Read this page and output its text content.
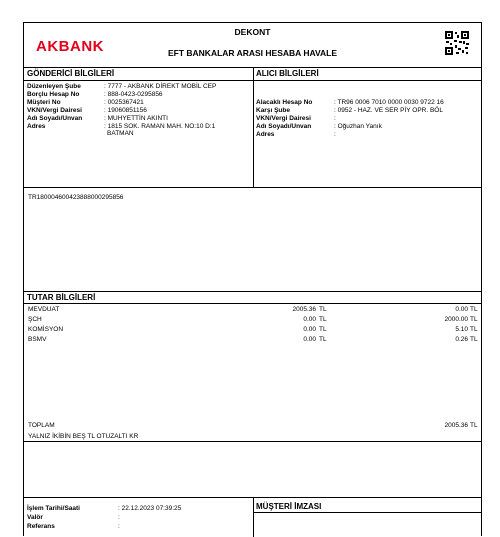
AKBANK
DEKONT
EFT BANKALAR ARASI HESABA HAVALE
GÖNDERİCİ BİLGİLERİ	ALICI BİLGİLERİ
Düzenleyen Şube	: 7777 - AKBANK DİREKT MOBİL CEP
Borçlu Hesap No	: 888-0423-0295856
Müşteri No	: 0025367421
VKN/Vergi Dairesi	: 19060851156
Adı Soyadı/Unvan	: MUHYETTİN AKINTI
Adres	: 1815 SOK. RAMAN MAH. NO:10 D:1
BATMAN
Alacaklı Hesap No	: TR96 0006 7010 0000 0030 9722 16
Karşı Şube	: 0952 - HAZ. VE SER PİY OPR. BÖL
VKN/Vergi Dairesi	:
Adı Soyadı/Unvan	: Oğuzhan Yanık
Adres	:
TR180004600423888000295856
TUTAR BİLGİLERİ
MEVDUAT	2005.36 TL	0.00 TL
ŞCH	0.00 TL	2000.00 TL
KOMİSYON	0.00 TL	5.10 TL
BSMV	0.00 TL	0.26 TL
TOPLAM	2005.36 TL
YALNIZ İKİBİN BEŞ TL OTUZALTI KR
İşlem Tarihi/Saati	: 22.12.2023 07:39:25
Valör	:
Referans	:
MÜŞTERİ İMZASI
